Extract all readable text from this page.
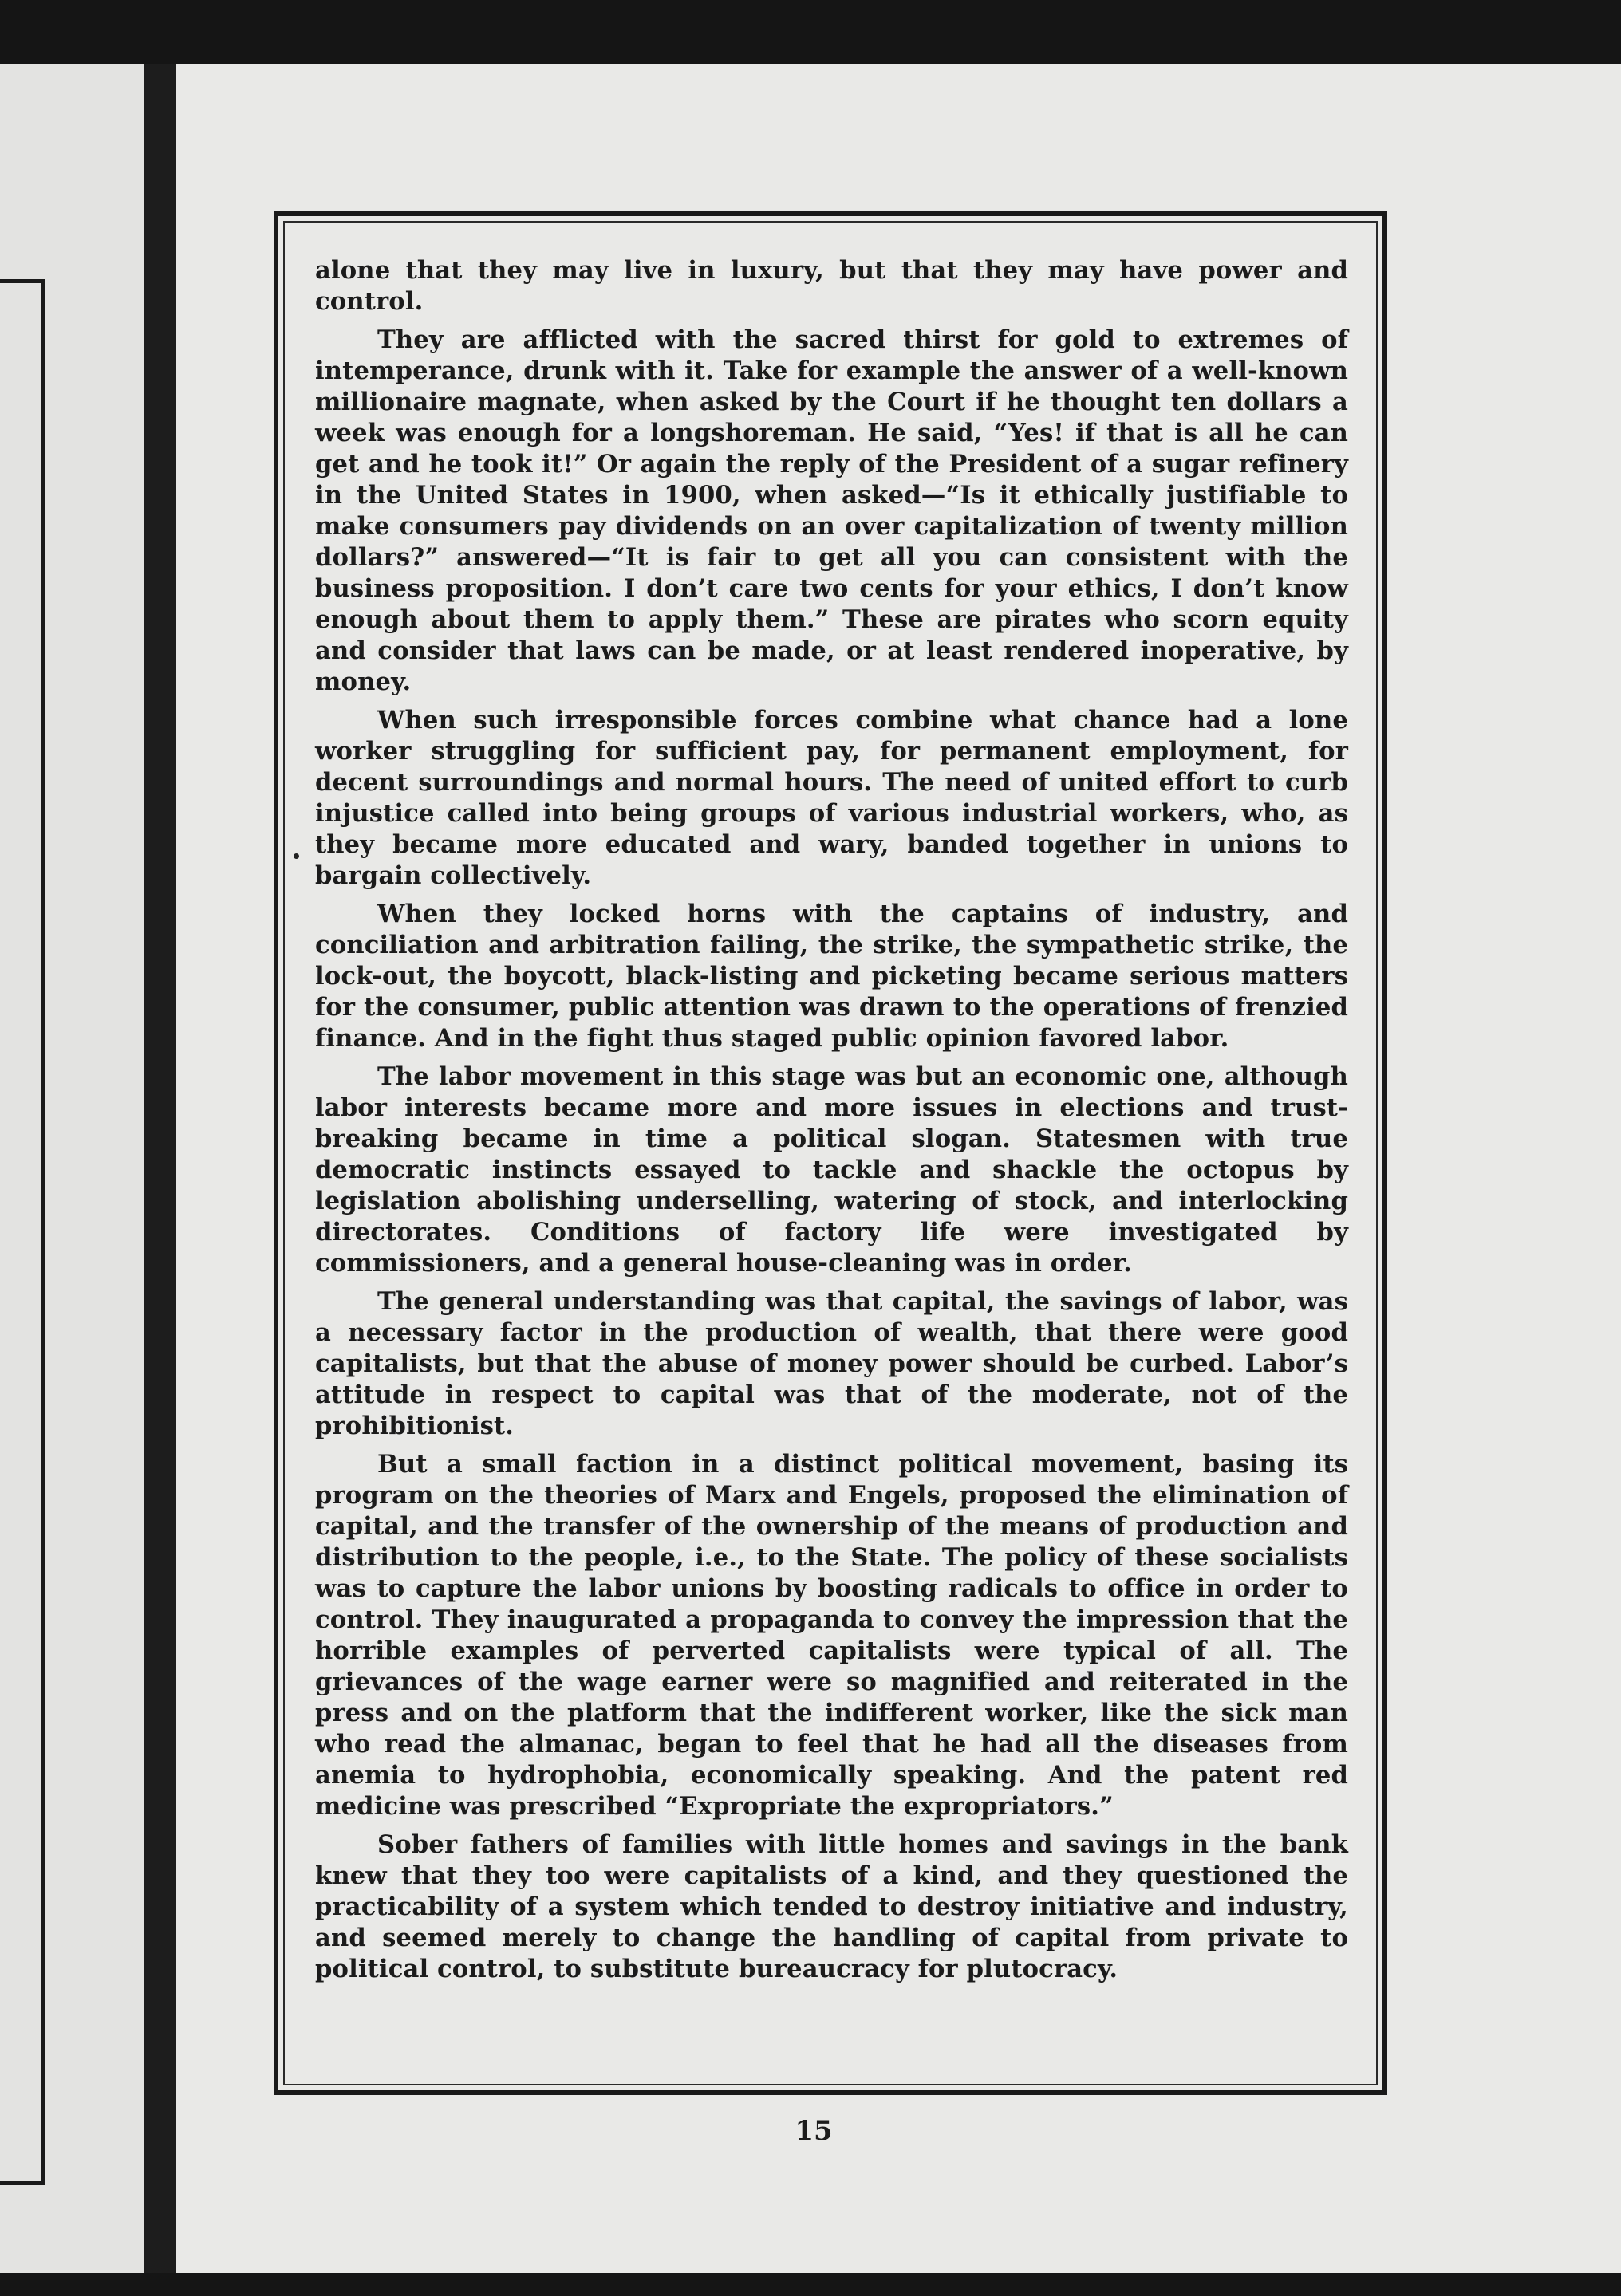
alone that they may live in luxury, but that they may have power and control.

They are afflicted with the sacred thirst for gold to extremes of intemperance, drunk with it. Take for example the answer of a well-known millionaire magnate, when asked by the Court if he thought ten dollars a week was enough for a longshoreman. He said, “Yes! if that is all he can get and he took it!” Or again the reply of the President of a sugar refinery in the United States in 1900, when asked—“Is it ethically justifiable to make consumers pay dividends on an over capitalization of twenty million dollars?” answered—“It is fair to get all you can consistent with the business proposition. I don’t care two cents for your ethics, I don’t know enough about them to apply them.” These are pirates who scorn equity and consider that laws can be made, or at least rendered inoperative, by money.

When such irresponsible forces combine what chance had a lone worker struggling for sufficient pay, for permanent employment, for decent surroundings and normal hours. The need of united effort to curb injustice called into being groups of various industrial workers, who, as they became more educated and wary, banded together in unions to bargain collectively.

When they locked horns with the captains of industry, and conciliation and arbitration failing, the strike, the sympathetic strike, the lock-out, the boycott, black-listing and picketing became serious matters for the consumer, public attention was drawn to the operations of frenzied finance. And in the fight thus staged public opinion favored labor.

The labor movement in this stage was but an economic one, although labor interests became more and more issues in elections and trust-breaking became in time a political slogan. Statesmen with true democratic instincts essayed to tackle and shackle the octopus by legislation abolishing underselling, watering of stock, and interlocking directorates. Conditions of factory life were investigated by commissioners, and a general house-cleaning was in order.

The general understanding was that capital, the savings of labor, was a necessary factor in the production of wealth, that there were good capitalists, but that the abuse of money power should be curbed. Labor’s attitude in respect to capital was that of the moderate, not of the prohibitionist.

But a small faction in a distinct political movement, basing its program on the theories of Marx and Engels, proposed the elimination of capital, and the transfer of the ownership of the means of production and distribution to the people, i.e., to the State. The policy of these socialists was to capture the labor unions by boosting radicals to office in order to control. They inaugurated a propaganda to convey the impression that the horrible examples of perverted capitalists were typical of all. The grievances of the wage earner were so magnified and reiterated in the press and on the platform that the indifferent worker, like the sick man who read the almanac, began to feel that he had all the diseases from anemia to hydrophobia, economically speaking. And the patent red medicine was prescribed “Expropriate the expropriators.”

Sober fathers of families with little homes and savings in the bank knew that they too were capitalists of a kind, and they questioned the practicability of a system which tended to destroy initiative and industry, and seemed merely to change the handling of capital from private to political control, to substitute bureaucracy for plutocracy.

15
